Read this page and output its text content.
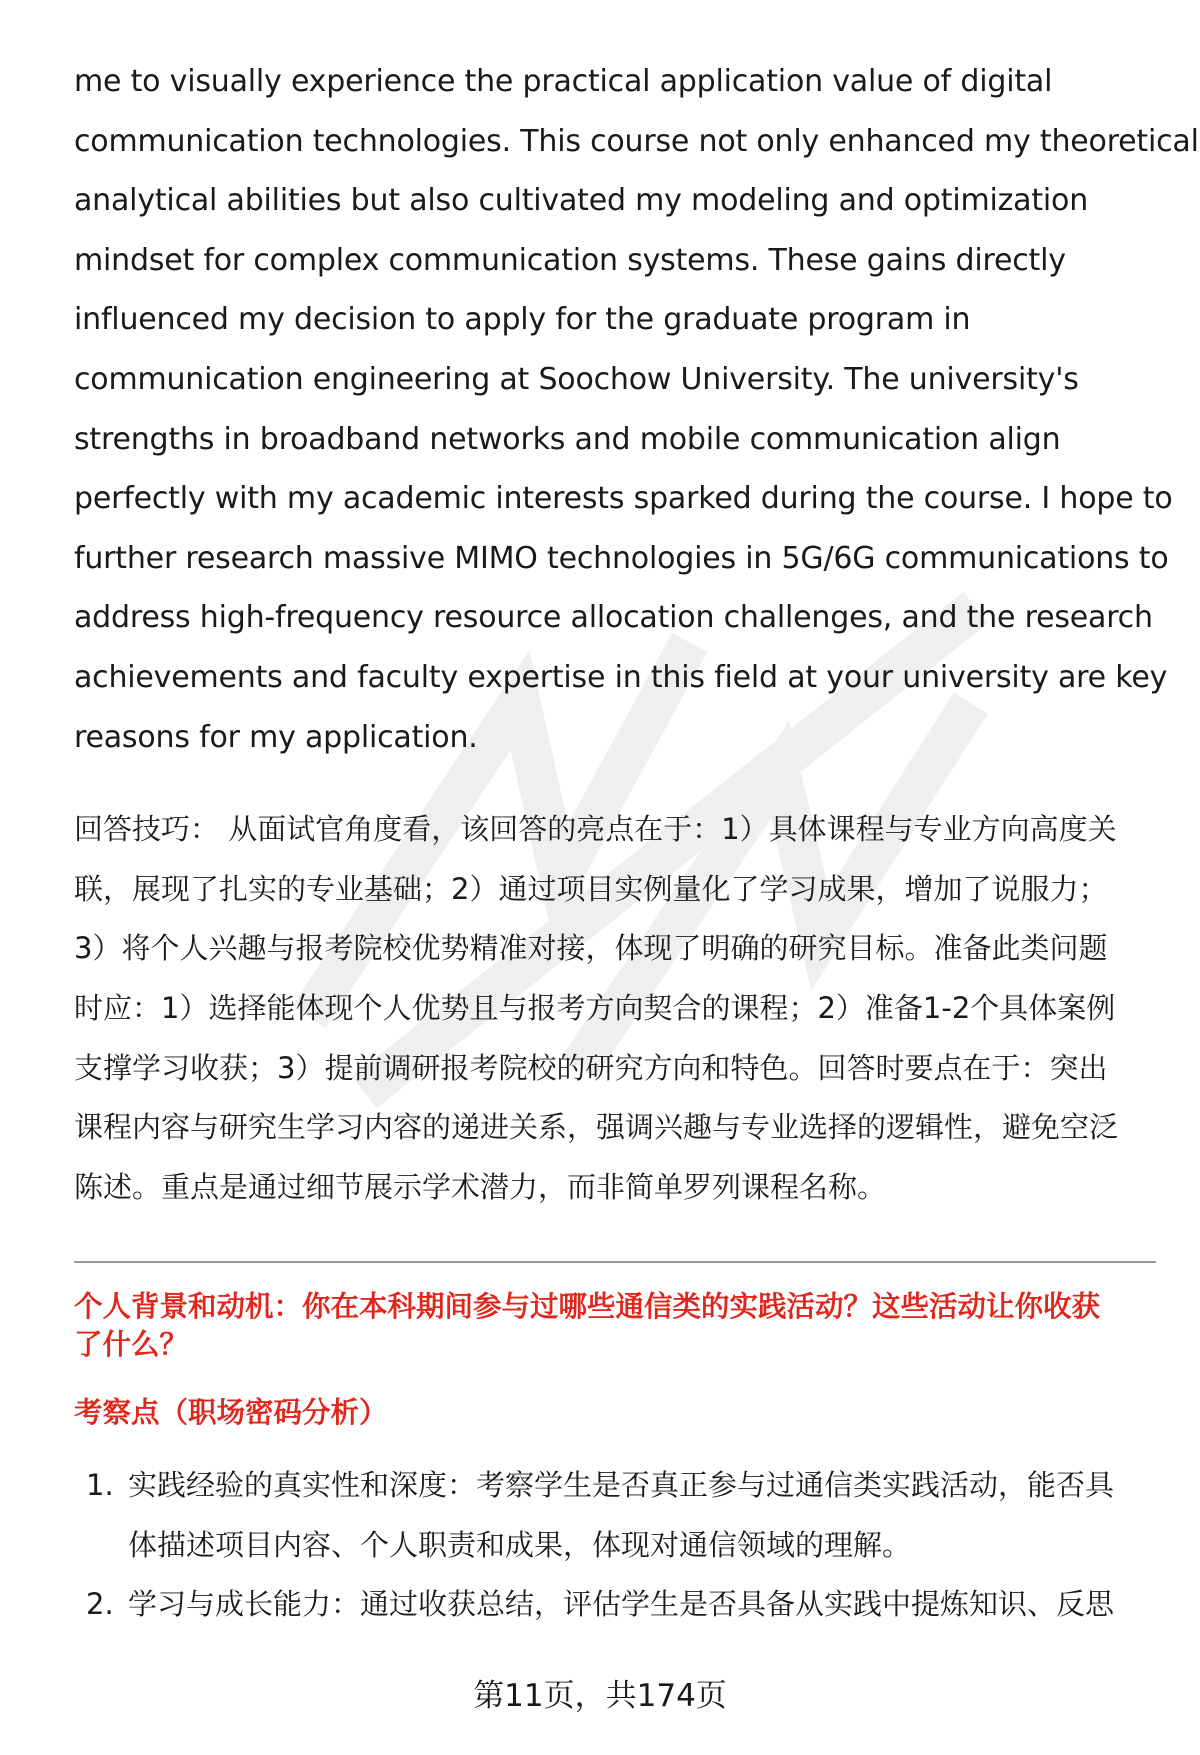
me to visually experience the practical application value of digital
communication technologies. This course not only enhanced my theoretical
analytical abilities but also cultivated my modeling and optimization
mindset for complex communication systems. These gains directly
influenced my decision to apply for the graduate program in
communication engineering at Soochow University. The university's
strengths in broadband networks and mobile communication align
perfectly with my academic interests sparked during the course. I hope to
further research massive MIMO technologies in 5G/6G communications to
address high-frequency resource allocation challenges, and the research
achievements and faculty expertise in this field at your university are key
reasons for my application.

回答技巧： 从面试官角度看，该回答的亮点在于：1）具体课程与专业方向高度关
联，展现了扎实的专业基础；2）通过项目实例量化了学习成果，增加了说服力；
3）将个人兴趣与报考院校优势精准对接，体现了明确的研究目标。准备此类问题
时应：1）选择能体现个人优势且与报考方向契合的课程；2）准备1-2个具体案例
支撑学习收获；3）提前调研报考院校的研究方向和特色。回答时要点在于：突出
课程内容与研究生学习内容的递进关系，强调兴趣与专业选择的逻辑性，避免空泛
陈述。重点是通过细节展示学术潜力，而非简单罗列课程名称。

个人背景和动机：你在本科期间参与过哪些通信类的实践活动？这些活动让你收获
了什么？
考察点（职场密码分析）
1. 实践经验的真实性和深度：考察学生是否真正参与过通信类实践活动，能否具
体描述项目内容、个人职责和成果，体现对通信领域的理解。
2. 学习与成长能力：通过收获总结，评估学生是否具备从实践中提炼知识、反思
第11页，共174页
